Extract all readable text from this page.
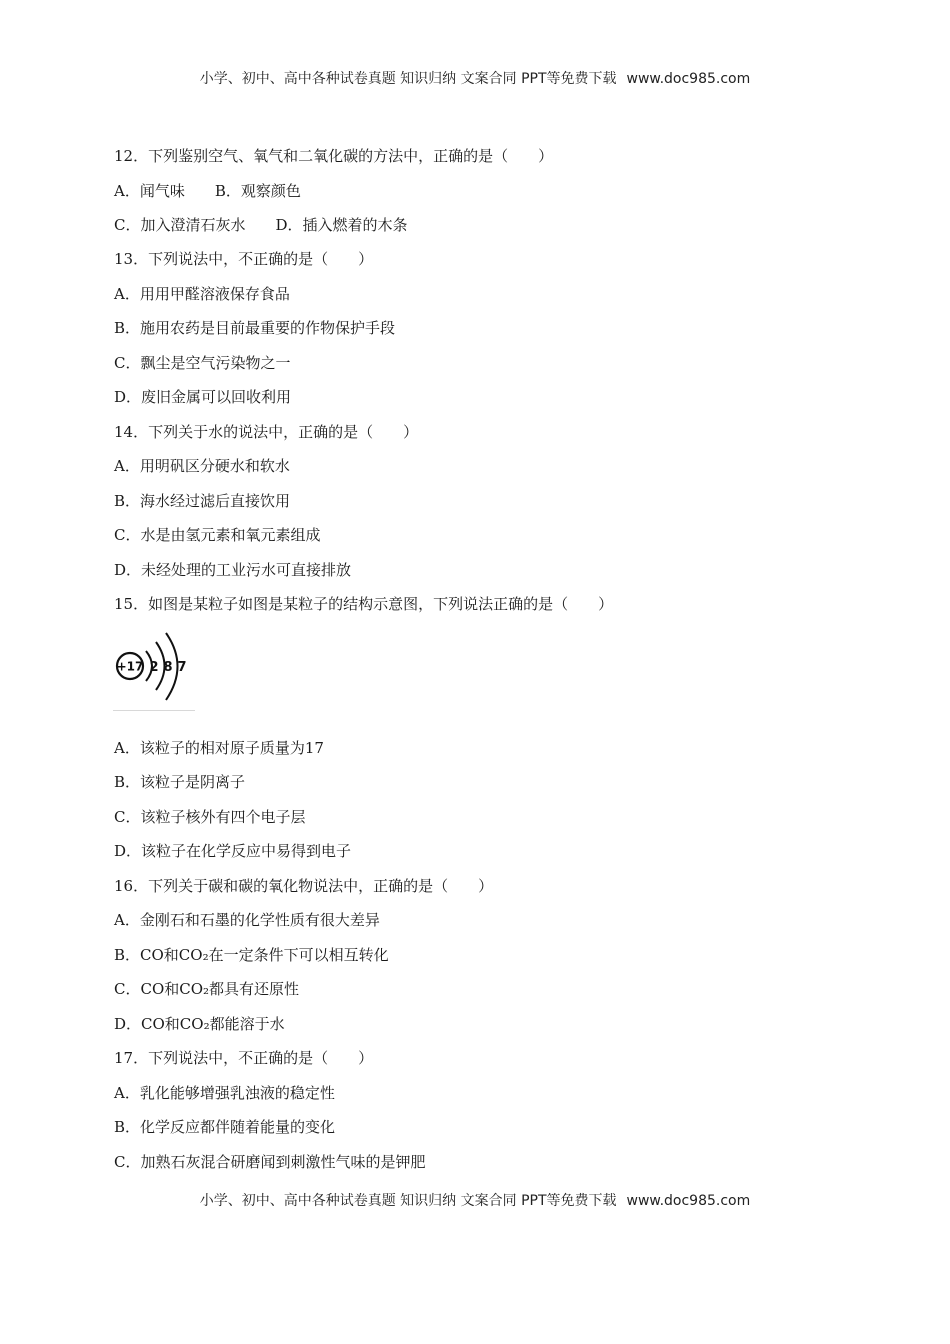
小学、初中、高中各种试卷真题 知识归纳 文案合同 PPT等免费下载 www.doc985.com
12．下列鉴别空气、氧气和二氧化碳的方法中，正确的是（　　）
A．闻气味 B．观察颜色
C．加入澄清石灰水 D．插入燃着的木条
13．下列说法中，不正确的是（　　）
A．用用甲醛溶液保存食品
B．施用农药是目前最重要的作物保护手段
C．飘尘是空气污染物之一
D．废旧金属可以回收利用
14．下列关于水的说法中，正确的是（　　）
A．用明矾区分硬水和软水
B．海水经过滤后直接饮用
C．水是由氢元素和氧元素组成
D．未经处理的工业污水可直接排放
15．如图是某粒子如图是某粒子的结构示意图，下列说法正确的是（　　）
+17 2 8 7
A．该粒子的相对原子质量为17
B．该粒子是阴离子
C．该粒子核外有四个电子层
D．该粒子在化学反应中易得到电子
16．下列关于碳和碳的氧化物说法中，正确的是（　　）
A．金刚石和石墨的化学性质有很大差异
B．CO和CO₂在一定条件下可以相互转化
C．CO和CO₂都具有还原性
D．CO和CO₂都能溶于水
17．下列说法中，不正确的是（　　）
A．乳化能够增强乳浊液的稳定性
B．化学反应都伴随着能量的变化
C．加熟石灰混合研磨闻到刺激性气味的是钾肥
小学、初中、高中各种试卷真题 知识归纳 文案合同 PPT等免费下载 www.doc985.com
